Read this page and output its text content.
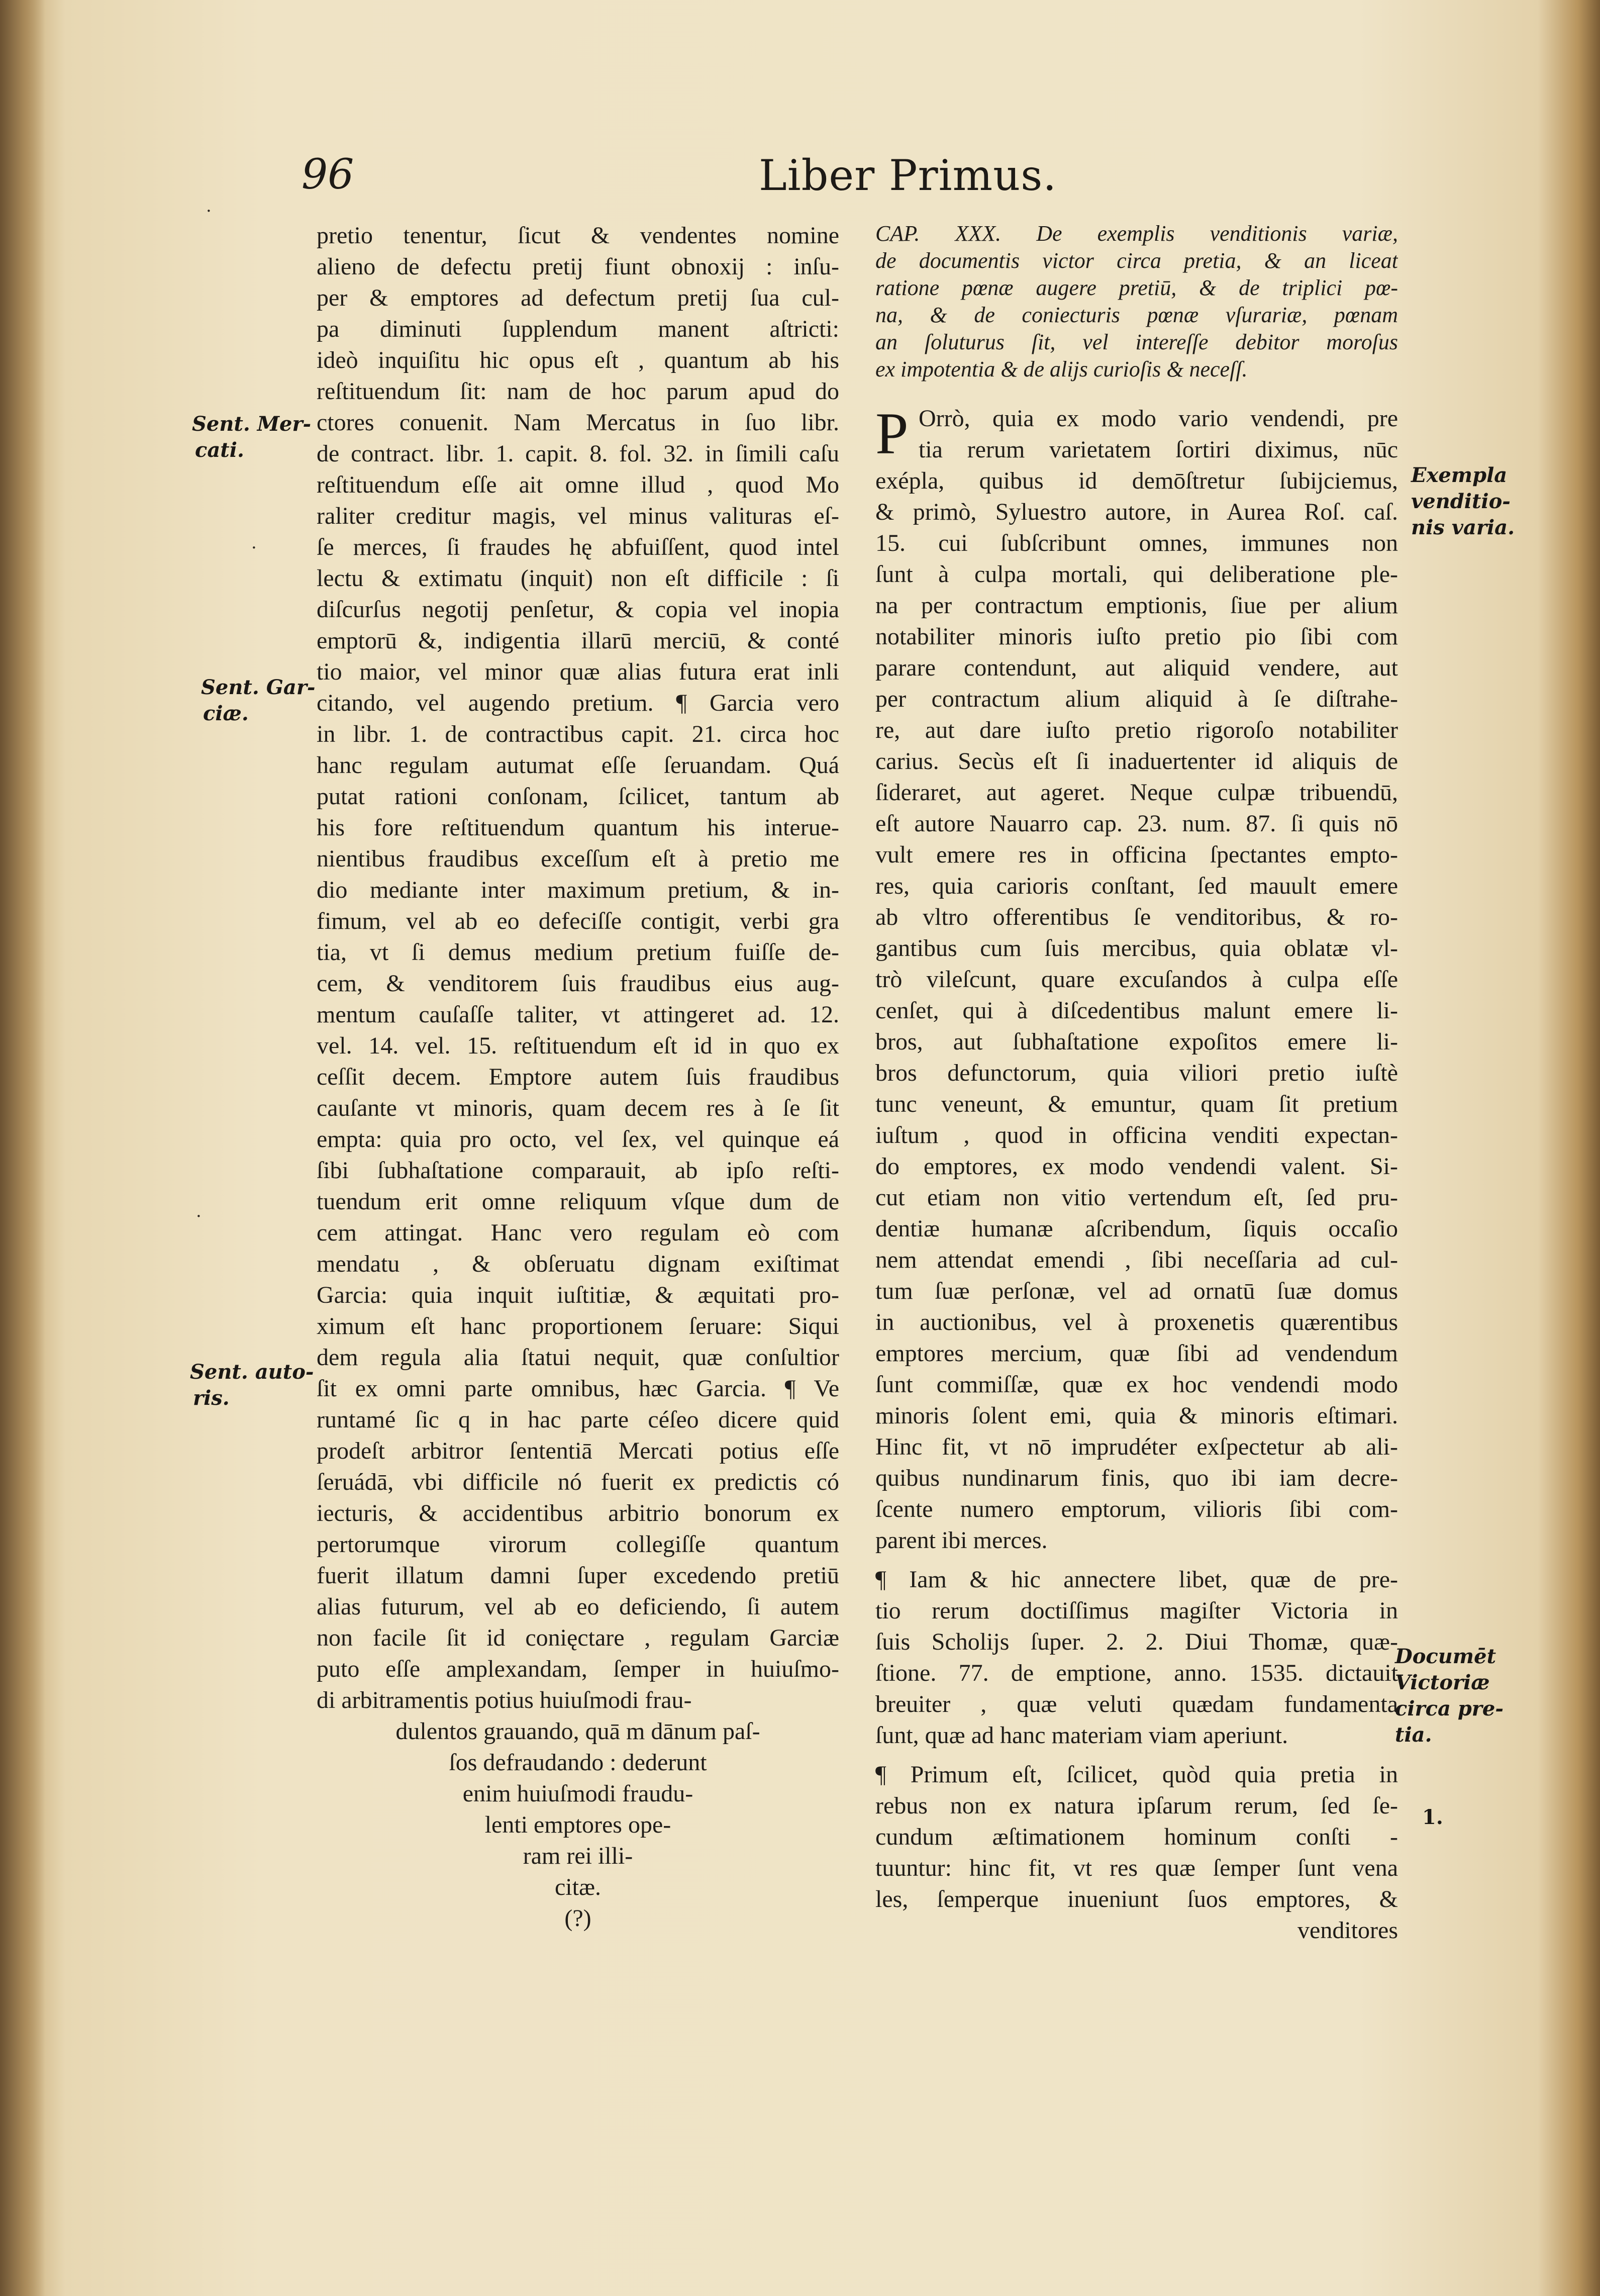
96	Liber Primus.
pretio tenentur, ſicut & vendentes nomine
alieno de defectu pretij fiunt obnoxij : inſu-
per & emptores ad defectum pretij ſua cul-
pa diminuti ſupplendum manent aſtricti:
ideò inquiſitu hic opus eſt , quantum ab his
reſtituendum ſit: nam de hoc parum apud do
ctores conuenit. Nam Mercatus in ſuo libr.
de contract. libr. 1. capit. 8. fol. 32. in ſimili caſu
reſtituendum eſſe ait omne illud , quod Mo
raliter creditur magis, vel minus valituras eſ-
ſe merces, ſi fraudes hę abfuiſſent, quod intel
lectu & extimatu (inquit) non eſt difficile : ſi
diſcurſus negotij penſetur, & copia vel inopia
emptorū &, indigentia illarū merciū, & conté
tio maior, vel minor quæ alias futura erat inli
citando, vel augendo pretium. ¶ Garcia vero
in libr. 1. de contractibus capit. 21. circa hoc
hanc regulam autumat eſſe ſeruandam. Quá
putat rationi conſonam, ſcilicet, tantum ab
his fore reſtituendum quantum his interue-
nientibus fraudibus exceſſum eſt à pretio me
dio mediante inter maximum pretium, & in-
fimum, vel ab eo defeciſſe contigit, verbi gra
tia, vt ſi demus medium pretium fuiſſe de-
cem, & venditorem ſuis fraudibus eius aug-
mentum cauſaſſe taliter, vt attingeret ad. 12.
vel. 14. vel. 15. reſtituendum eſt id in quo ex
ceſſit decem. Emptore autem ſuis fraudibus
cauſante vt minoris, quam decem res à ſe ſit
empta: quia pro octo, vel ſex, vel quinque eá
ſibi ſubhaſtatione comparauit, ab ipſo reſti-
tuendum erit omne reliquum vſque dum de
cem attingat. Hanc vero regulam eò com
mendatu , & obſeruatu dignam exiſtimat
Garcia: quia inquit iuſtitiæ, & æquitati pro-
ximum eſt hanc proportionem ſeruare: Siqui
dem regula alia ſtatui nequit, quæ conſultior
ſit ex omni parte omnibus, hæc Garcia. ¶ Ve
runtamé ſic q in hac parte céſeo dicere quid
prodeſt arbitror ſententiā Mercati potius eſſe
ſeruádā, vbi difficile nó fuerit ex predictis có
iecturis, & accidentibus arbitrio bonorum ex
pertorumque virorum collegiſſe quantum
fuerit illatum damni ſuper excedendo pretiū
alias futurum, vel ab eo deficiendo, ſi autem
non facile ſit id conięctare , regulam Garciæ
puto eſſe amplexandam, ſemper in huiuſmo-
di arbitramentis potius huiuſmodi frau-
dulentos grauando, quā m dānum paſ-
ſos defraudando : dederunt
enim huiuſmodi fraudu-
lenti emptores ope-
ram rei illi-
citæ.
(?)
CAP. XXX. De exemplis venditionis variæ,
de documentis victor circa pretia, & an liceat
ratione pœnæ augere pretiū, & de triplici pœ-
na, & de coniecturis pœnæ vſurariæ, pœnam
an ſoluturus ſit, vel intereſſe debitor moroſus
ex impotentia & de alijs curioſis & neceſſ.
P Orrò, quia ex modo vario vendendi, pre
tia rerum varietatem ſortiri diximus, nūc
exépla, quibus id demōſtretur ſubijciemus,
& primò, Syluestro autore, in Aurea Roſ. caſ.
15. cui ſubſcribunt omnes, immunes non
ſunt à culpa mortali, qui deliberatione ple-
na per contractum emptionis, ſiue per alium
notabiliter minoris iuſto pretio pio ſibi com
parare contendunt, aut aliquid vendere, aut
per contractum alium aliquid à ſe diſtrahe-
re, aut dare iuſto pretio rigoroſo notabiliter
carius. Secùs eſt ſi inaduertenter id aliquis de
ſideraret, aut ageret. Neque culpæ tribuendū,
eſt autore Nauarro cap. 23. num. 87. ſi quis nō
vult emere res in officina ſpectantes empto-
res, quia carioris conſtant, ſed mauult emere
ab vltro offerentibus ſe venditoribus, & ro-
gantibus cum ſuis mercibus, quia oblatæ vl-
trò vileſcunt, quare excuſandos à culpa eſſe
cenſet, qui à diſcedentibus malunt emere li-
bros, aut ſubhaſtatione expoſitos emere li-
bros defunctorum, quia viliori pretio iuſtè
tunc veneunt, & emuntur, quam ſit pretium
iuſtum , quod in officina venditi expectan-
do emptores, ex modo vendendi valent. Si-
cut etiam non vitio vertendum eſt, ſed pru-
dentiæ humanæ aſcribendum, ſiquis occaſio
nem attendat emendi , ſibi neceſſaria ad cul-
tum ſuæ perſonæ, vel ad ornatū ſuæ domus
in auctionibus, vel à proxenetis quærentibus
emptores mercium, quæ ſibi ad vendendum
ſunt commiſſæ, quæ ex hoc vendendi modo
minoris ſolent emi, quia & minoris eſtimari.
Hinc fit, vt nō imprudéter exſpectetur ab ali-
quibus nundinarum finis, quo ibi iam decre-
ſcente numero emptorum, vilioris ſibi com-
parent ibi merces.
¶ Iam & hic annectere libet, quæ de pre-
tio rerum doctiſſimus magiſter Victoria in
ſuis Scholijs ſuper. 2. 2. Diui Thomæ, quæ-
ſtione. 77. de emptione, anno. 1535. dictauit
breuiter , quæ veluti quædam fundamenta
ſunt, quæ ad hanc materiam viam aperiunt.
¶ Primum eſt, ſcilicet, quòd quia pretia in
rebus non ex natura ipſarum rerum, ſed ſe-
cundum æſtimationem hominum conſti -
tuuntur: hinc fit, vt res quæ ſemper ſunt vena
les, ſemperque inueniunt ſuos emptores, &
venditores
Sent. Mer-
cati.
Sent. Gar-
ciæ.
Sent. auto-
ris.
Exempla
venditio-
nis varia.
Documēt
Victoriæ
circa pre-
tia.
1.
·
·
·
